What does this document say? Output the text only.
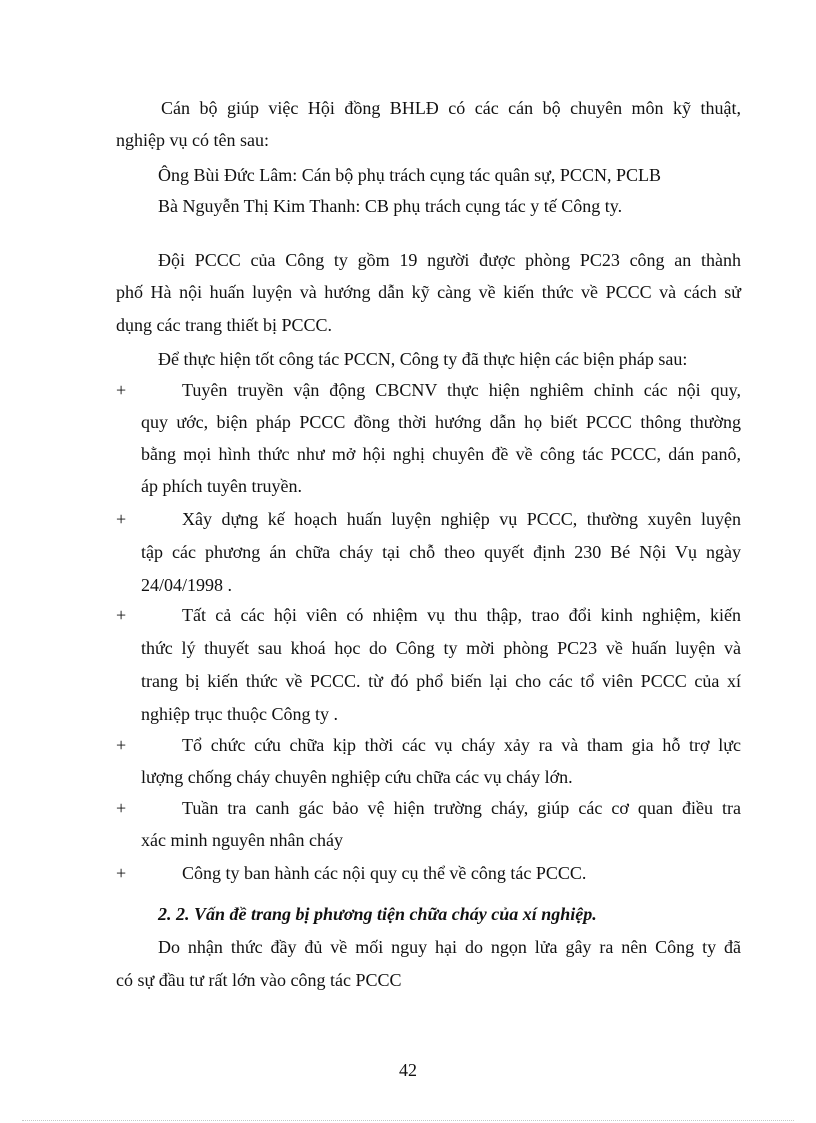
Cán bộ giúp việc Hội đồng BHLĐ có các cán bộ chuyên môn kỹ thuật,
nghiệp vụ có tên sau:
Ông Bùi Đức Lâm: Cán bộ phụ trách cụng tác quân sự, PCCN, PCLB
Bà Nguyễn Thị Kim Thanh: CB phụ trách cụng tác y tế Công ty.
Đội PCCC của Công ty gồm 19 người được phòng PC23 công an thành
phố Hà nội huấn luyện và hướng dẫn kỹ càng về kiến thức về PCCC và cách sử
dụng các trang thiết bị PCCC.
Để thực hiện tốt công tác PCCN, Công ty đã thực hiện các biện pháp sau:
+	Tuyên truyền vận động CBCNV thực hiện nghiêm chỉnh các nội quy,
quy ước, biện pháp PCCC đồng thời hướng dẫn họ biết PCCC thông thường
bằng mọi hình thức như mở hội nghị chuyên đề về công tác PCCC, dán panô,
áp phích tuyên truyền.
+	Xây dựng kế hoạch huấn luyện nghiệp vụ PCCC, thường xuyên luyện
tập các phương án chữa cháy tại chỗ theo quyết định 230 Bé Nội Vụ ngày
24/04/1998 .
+	Tất cả các hội viên có nhiệm vụ thu thập, trao đổi kinh nghiệm, kiến
thức lý thuyết sau khoá học do Công ty mời phòng PC23 về huấn luyện và
trang bị kiến thức về PCCC. từ đó phổ biến lại cho các tổ viên PCCC của xí
nghiệp trục thuộc Công ty .
+	Tổ chức cứu chữa kịp thời các vụ cháy xảy ra và tham gia hỗ trợ lực
lượng chống cháy chuyên nghiệp cứu chữa các vụ cháy lớn.
+	Tuần tra canh gác bảo vệ hiện trường cháy, giúp các cơ quan điều tra
xác minh nguyên nhân cháy
+	Công ty ban hành các nội quy cụ thể về công tác PCCC.
2. 2. Vấn đề trang bị phương tiện chữa cháy của xí nghiệp.
Do nhận thức đầy đủ về mối nguy hại do ngọn lửa gây ra nên Công ty đã
có sự đầu tư rất lớn vào công tác PCCC
42
